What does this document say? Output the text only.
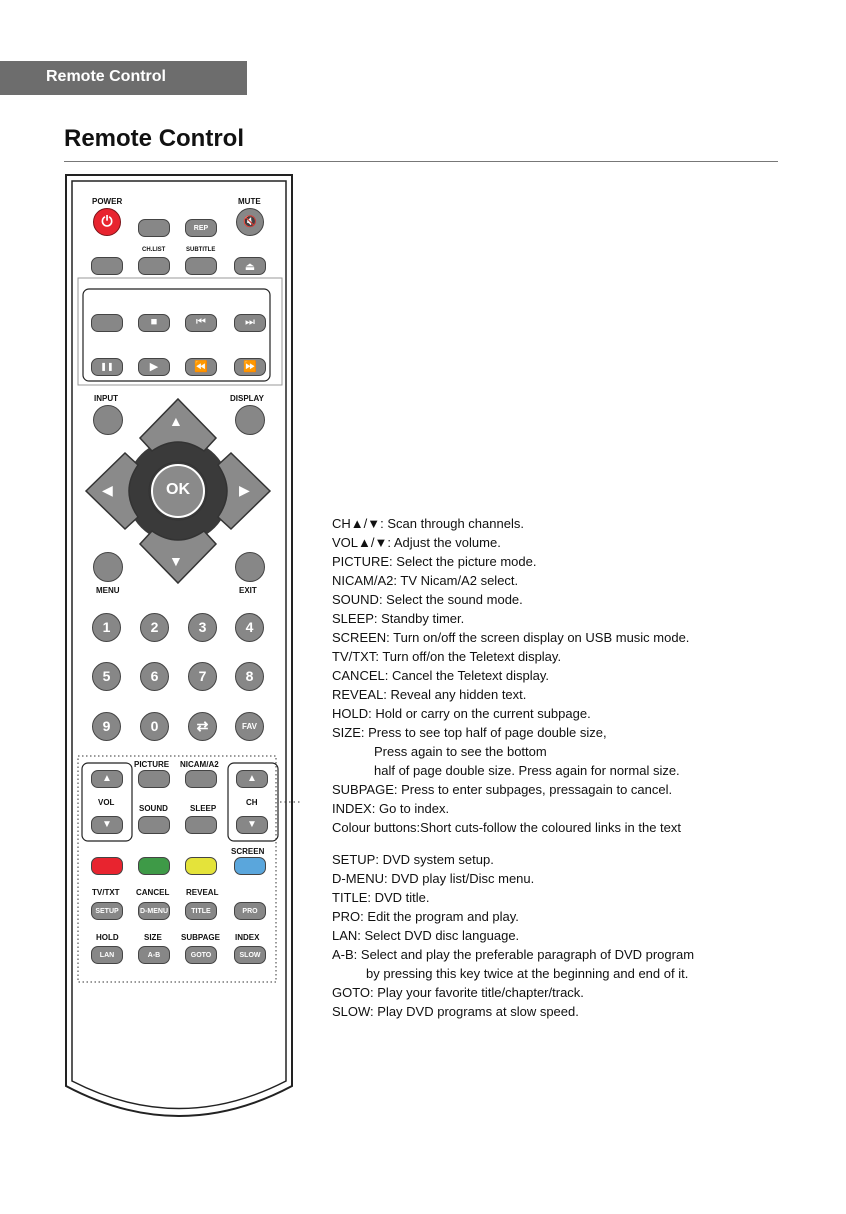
Remote Control
Remote Control
POWER	MUTE
⏻	🔇
REP
CH.LIST	SUBTITLE
⏏
■	⏮	⏭
❚❚	▶	⏪	⏩
INPUT	DISPLAY
▲
▼
◀	▶
OK
MENU	EXIT
1	2	3	4
5	6	7	8
9	0	⇄	FAV
PICTURE NICAM/A2
▲	▲
VOL	CH
SOUND	SLEEP
▼	▼
SCREEN
TV/TXT CANCEL REVEAL
SETUP	D-MENU	TITLE	PRO
HOLD	SIZE SUBPAGE INDEX
LAN	A-B	GOTO	SLOW
CH▲/▼: Scan through channels.
VOL▲/▼: Adjust the volume.
PICTURE: Select the picture mode.
NICAM/A2: TV Nicam/A2 select.
SOUND: Select the sound mode.
SLEEP: Standby timer.
SCREEN: Turn on/off the screen display on USB music mode.
TV/TXT: Turn off/on the Teletext display.
CANCEL: Cancel the Teletext display.
REVEAL: Reveal any hidden text.
HOLD: Hold or carry on the current subpage.
SIZE: Press to see top half of page double size,
Press again to see the bottom
half of page double size. Press again for normal size.
SUBPAGE: Press to enter subpages, pressagain to cancel.
INDEX: Go to index.
Colour buttons:Short cuts-follow the coloured links in the text
SETUP: DVD system setup.
D-MENU: DVD play list/Disc menu.
TITLE: DVD title.
PRO: Edit the program and play.
LAN: Select DVD disc language.
A-B: Select and play the preferable paragraph of DVD program
by pressing this key twice at the beginning and end of it.
GOTO: Play your favorite title/chapter/track.
SLOW: Play DVD programs at slow speed.
